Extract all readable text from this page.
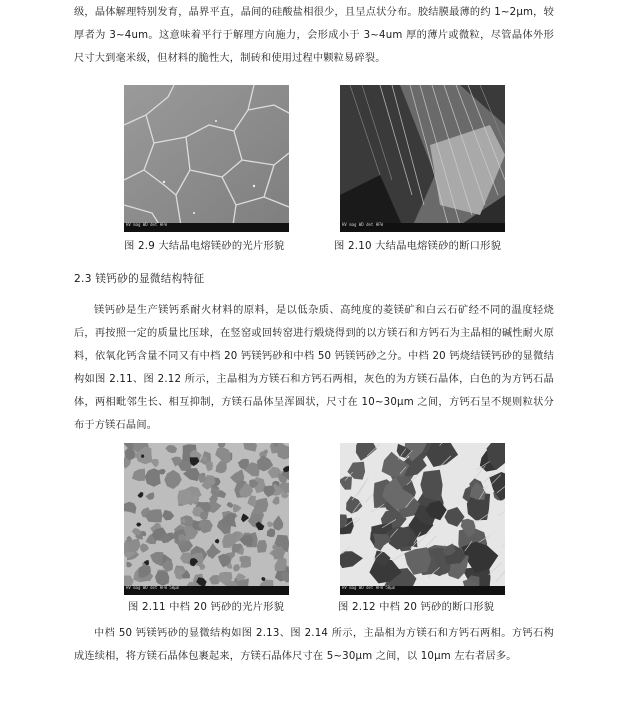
级，晶体解理特别发育，晶界平直，晶间的硅酸盐相很少，且呈点状分布。胶结膜最薄的约 1~2μm，较厚者为 3~4um。这意味着平行于解理方向施力，会形成小于 3~4um 厚的薄片或微粒，尽管晶体外形尺寸大到毫米级，但材料的脆性大，制砖和使用过程中颗粒易碎裂。
HV mag WD det HFW	HV mag WD det HFW
图 2.9 大结晶电熔镁砂的光片形貌	图 2.10 大结晶电熔镁砂的断口形貌
2.3 镁钙砂的显微结构特征
镁钙砂是生产镁钙系耐火材料的原料，是以低杂质、高纯度的菱镁矿和白云石矿经不同的温度轻烧后，再按照一定的质量比压球，在竖窑或回转窑进行煅烧得到的以方镁石和方钙石为主晶相的碱性耐火原料，依氧化钙含量不同又有中档 20 钙镁钙砂和中档 50 钙镁钙砂之分。中档 20 钙烧结镁钙砂的显微结构如图 2.11、图 2.12 所示，主晶相为方镁石和方钙石两相，灰色的为方镁石晶体，白色的为方钙石晶体，两相毗邻生长、相互抑制，方镁石晶体呈浑圆状，尺寸在 10~30μm 之间，方钙石呈不规则粒状分布于方镁石晶间。
HV mag WD det HFW 50μm	HV mag WD det HFW 50μm
图 2.11 中档 20 钙砂的光片形貌	图 2.12 中档 20 钙砂的断口形貌
中档 50 钙镁钙砂的显微结构如图 2.13、图 2.14 所示，主晶相为方镁石和方钙石两相。方钙石构成连续相，将方镁石晶体包裹起来，方镁石晶体尺寸在 5~30μm 之间，以 10μm 左右者居多。
